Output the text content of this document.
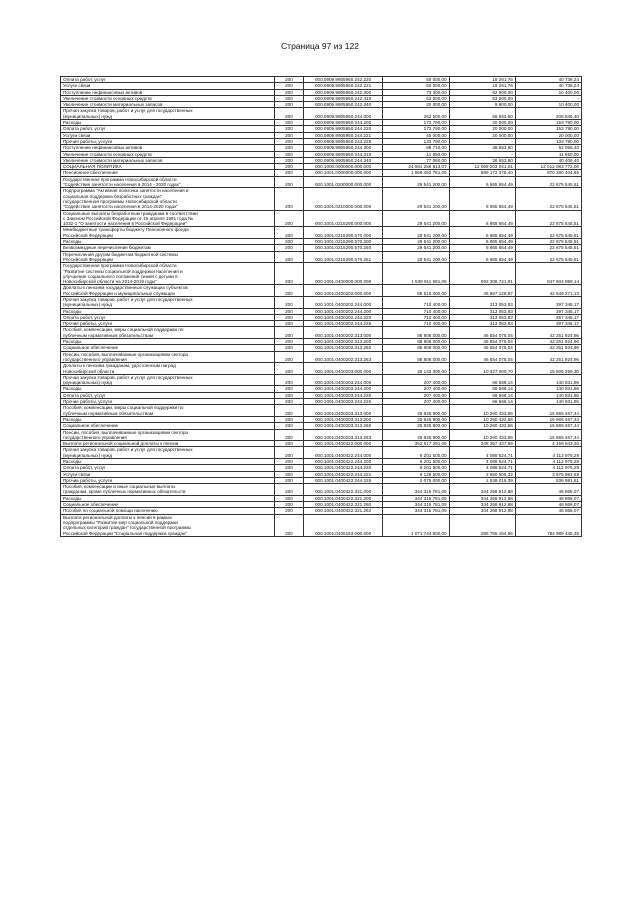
Страница 97 из 122
Оплата работ, услуг	200	000.0909.9905950.242.220	60 000,00	19 261,76	40 738,24
Услуги связи	200	000.0909.9905950.242.221	60 000,00	19 261,76	40 738,24
Поступление нефинансовых активов	200	000.0909.9905950.242.300	73 300,00	62 900,00	10 400,00
Увеличение стоимости основных средств	200	000.0909.9905950.242.310	53 000,00	53 000,00	-
Увеличение стоимости материальных запасов	200	000.0909.9905950.242.340	20 300,00	9 900,00	10 400,00
Прочая закупка товаров, работ и услуг для государственных
(муниципальных) нужд	200	000.0909.9905950.244.000	262 500,00	56 653,60	205 846,40
Расходы	200	000.0909.9905950.244.200	173 790,00	20 000,00	153 790,00
Оплата работ, услуг	200	000.0909.9905950.244.220	173 790,00	20 000,00	153 790,00
Услуги связи	200	000.0909.9905950.244.221	40 000,00	20 000,00	20 000,00
Прочие работы, услуги	200	000.0909.9905950.244.226	133 790,00	-	133 790,00
Поступление нефинансовых активов	200	000.0909.9905950.244.300	88 710,00	36 653,60	52 056,40
Увеличение стоимости основных средств	200	000.0909.9905950.244.310	11 650,00	-	11 650,00
Увеличение стоимости материальных запасов	200	000.0909.9905950.244.340	77 060,00	36 653,60	40 406,40
СОЦИАЛЬНАЯ ПОЛИТИКА	200	000.1000.0000000.000.000	24 081 286 813,07	12 069 203 041,01	12 012 083 772,06
Пенсионное обеспечение	200	000.1001.0000000.000.000	1 569 452 781,05	699 172 376,40	870 280 404,65
Государственная программа Новосибирской области
"Содействие занятости населения в 2014 - 2020 годах"	200	000.1001.0200000.000.000	29 541 200,00	6 865 654,49	22 675 545,51
Подпрограмма "Активная политика занятости населения и
социальная поддержка безработных граждан"
государственной программы Новосибирской области
"Содействие занятости населения в 2014-2020 годах"	200	000.1001.0210000.000.000	29 541 200,00	6 865 654,49	22 675 545,51
Социальные выплаты безработным гражданам в соответствии
с Законом Российской Федерации от 19 апреля 1991 года №
1032-1 "О занятости населения в Российской Федерации"	200	000.1001.0215290.000.000	29 541 200,00	6 865 654,49	22 675 545,51
Межбюджетные трансферты бюджету Пенсионного фонда
Российской Федерации	200	000.1001.0215290.570.000	29 541 200,00	6 865 654,49	22 675 545,51
Расходы	200	000.1001.0215290.570.200	29 541 200,00	6 865 654,49	22 675 545,51
Безвозмездные перечисления бюджетам	200	000.1001.0215290.570.250	29 541 200,00	6 865 654,49	22 675 545,51
Перечисления другим бюджетам бюджетной системы
Российской Федерации	200	000.1001.0215290.570.251	29 541 200,00	6 865 654,49	22 675 545,51
Государственная программа Новосибирской области
"Развитие системы социальной поддержки населения и
улучшение социального положения семей с детьми в
Новосибирской области на 2014-2019 годы"	200	000.1001.0400000.000.000	1 539 911 581,05	692 306 721,91	847 604 859,14
Доплаты к пенсиям государственных служащих субъектов
Российской Федерации и муниципальных служащих	200	000.1001.0400202.000.000	89 516 400,00	46 867 128,87	42 649 271,13
Прочая закупка товаров, работ и услуг для государственных
(муниципальных) нужд	200	000.1001.0400202.244.000	710 400,00	313 053,83	397 346,17
Расходы	200	000.1001.0400202.244.200	710 400,00	313 053,83	397 346,17
Оплата работ, услуг	200	000.1001.0400202.244.220	710 400,00	313 053,83	397 346,17
Прочие работы, услуги	200	000.1001.0400202.244.226	710 400,00	313 053,83	397 346,17
Пособия, компенсации, меры социальной поддержки по
публичным нормативным обязательствам	200	000.1001.0400202.313.000	88 806 000,00	46 554 075,04	42 251 924,96
Расходы	200	000.1001.0400202.313.200	88 806 000,00	46 554 075,04	42 251 924,96
Социальное обеспечение	200	000.1001.0400202.313.260	88 806 000,00	46 554 075,04	42 251 924,96
Пенсии, пособия, выплачиваемые организациями сектора
государственного управления	200	000.1001.0400202.313.263	88 806 000,00	46 554 075,04	42 251 924,96
Доплаты к пенсиям гражданам, удостоенным наград
Новосибирской области	200	000.1001.0400203.000.000	26 133 300,00	10 327 000,70	15 806 299,30
Прочая закупка товаров, работ и услуг для государственных
(муниципальных) нужд	200	000.1001.0400203.244.000	207 400,00	66 568,14	140 831,86
Расходы	200	000.1001.0400203.244.200	207 400,00	66 568,14	140 831,86
Оплата работ, услуг	200	000.1001.0400203.244.220	207 400,00	66 568,14	140 831,86
Прочие работы, услуги	200	000.1001.0400203.244.226	207 400,00	66 568,14	140 831,86
Пособия, компенсации, меры социальной поддержки по
публичным нормативным обязательствам	200	000.1001.0400203.313.000	25 925 900,00	10 260 432,56	15 665 467,44
Расходы	200	000.1001.0400203.313.200	25 925 900,00	10 260 432,56	15 665 467,44
Социальное обеспечение	200	000.1001.0400203.313.260	25 925 900,00	10 260 432,56	15 665 467,44
Пенсии, пособия, выплачиваемые организациями сектора
государственного управления	200	000.1001.0400203.313.263	25 925 900,00	10 260 432,56	15 665 467,44
Выплата региональной социальной доплаты к пенсии	200	000.1001.0400422.000.000	352 517 281,05	348 357 437,69	4 159 843,36
Прочая закупка товаров, работ и услуг для государственных
(муниципальных) нужд	200	000.1001.0400422.244.000	8 201 500,00	4 088 524,71	4 112 975,29
Расходы	200	000.1001.0400422.244.200	8 201 500,00	4 088 524,71	4 112 975,29
Оплата работ, услуг	200	000.1001.0400422.244.220	8 201 500,00	4 088 524,71	4 112 975,29
Услуги связи	200	000.1001.0400422.244.221	6 126 500,00	2 550 506,32	3 575 993,68
Прочие работы, услуги	200	000.1001.0400422.244.226	2 075 000,00	1 538 018,39	536 981,61
Пособия, компенсации и иные социальные выплаты
гражданам, кроме публичных нормативных обязательств	200	000.1001.0400422.321.000	344 315 781,05	344 268 912,98	46 868,07
Расходы	200	000.1001.0400422.321.200	344 315 781,05	344 268 912,98	46 868,07
Социальное обеспечение	200	000.1001.0400422.321.260	344 315 781,05	344 268 912,98	46 868,07
Пособия по социальной помощи населению	200	000.1001.0400422.321.262	344 315 781,05	344 268 912,98	46 868,07
Выплата региональной доплаты к пенсии в рамках
подпрограммы "Развитие мер социальной поддержки
отдельных категорий граждан" государственной программы
Российской Федерации "Социальная поддержка граждан"	200	000.1001.0405153.000.000	1 071 744 600,00	286 755 154,65	784 989 445,35
